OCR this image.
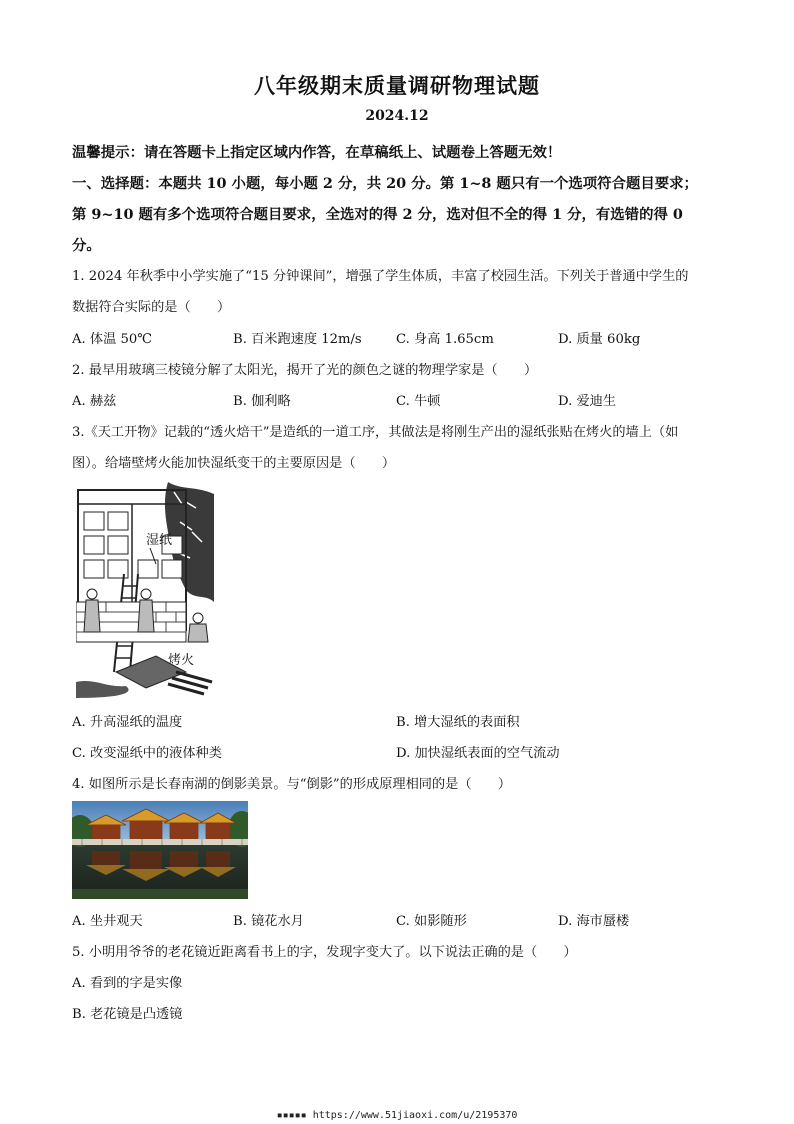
八年级期末质量调研物理试题
2024.12
温馨提示：请在答题卡上指定区域内作答，在草稿纸上、试题卷上答题无效！
一、选择题：本题共 10 小题，每小题 2 分，共 20 分。第 1~8 题只有一个选项符合题目要求；
第 9~10 题有多个选项符合题目要求，全选对的得 2 分，选对但不全的得 1 分，有选错的得 0
分。
1. 2024 年秋季中小学实施了“15 分钟课间”，增强了学生体质，丰富了校园生活。下列关于普通中学生的
数据符合实际的是（　　）
A. 体温 50℃	B. 百米跑速度 12m/s	C. 身高 1.65cm	D. 质量 60kg
2. 最早用玻璃三棱镜分解了太阳光，揭开了光的颜色之谜的物理学家是（　　）
A. 赫兹	B. 伽利略	C. 牛顿	D. 爱迪生
3.《天工开物》记载的“透火焙干”是造纸的一道工序，其做法是将刚生产出的湿纸张贴在烤火的墙上（如
图）。给墙壁烤火能加快湿纸变干的主要原因是（　　）
湿纸
烤火
A. 升高湿纸的温度	B. 增大湿纸的表面积
C. 改变湿纸中的液体种类	D. 加快湿纸表面的空气流动
4. 如图所示是长春南湖的倒影美景。与“倒影”的形成原理相同的是（　　）
A. 坐井观天	B. 镜花水月	C. 如影随形	D. 海市蜃楼
5. 小明用爷爷的老花镜近距离看书上的字，发现字变大了。以下说法正确的是（　　）
A. 看到的字是实像
B. 老花镜是凸透镜
▪▪▪▪▪ https://www.51jiaoxi.com/u/2195370
